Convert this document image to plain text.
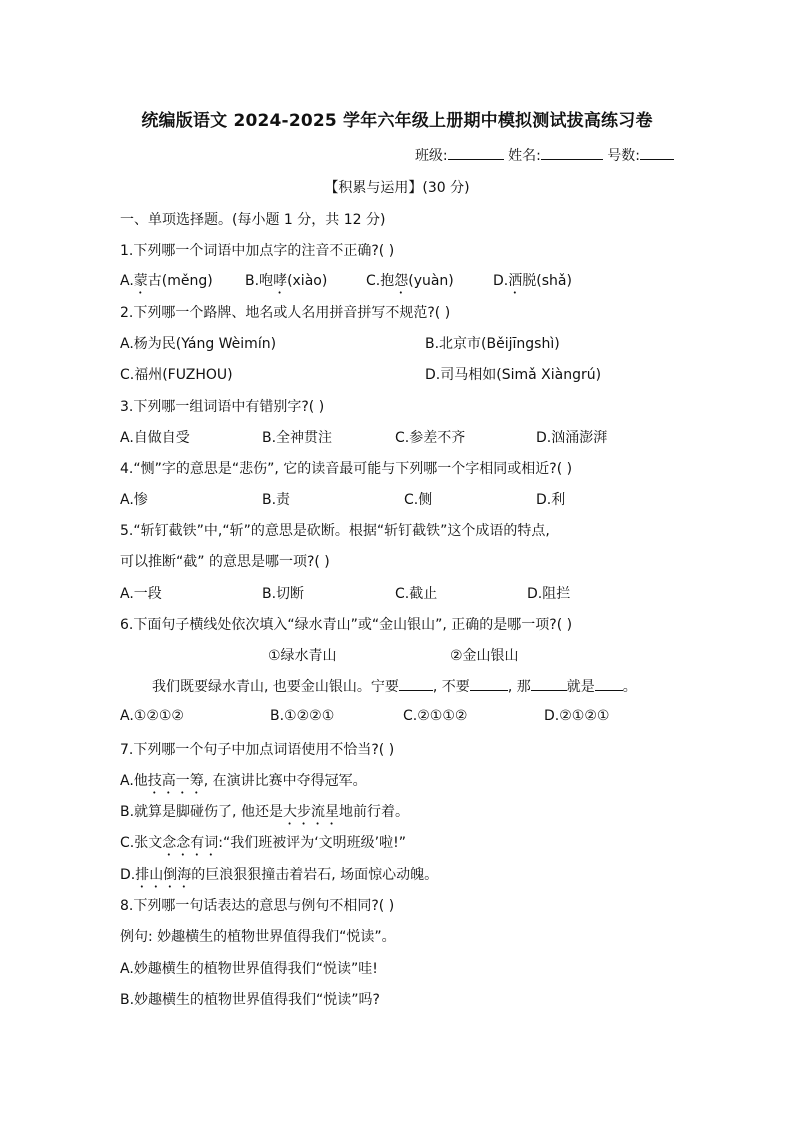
统编版语文 2024-2025 学年六年级上册期中模拟测试拔高练习卷
班级:	姓名:	号数:
【积累与运用】(30 分)
一、单项选择题。(每小题 1 分，共 12 分)
1.下列哪一个词语中加点字的注音不正确?( )
A.蒙古(měng) B.咆哮(xiào)	C.抱怨(yuàn)	D.洒脱(shǎ)
2.下列哪一个路牌、地名或人名用拼音拼写不规范?( )
A.杨为民(Yáng Wèimín)	B.北京市(Běijīngshì)
C.福州(FUZHOU)	D.司马相如(Simǎ Xiàngrú)
3.下列哪一组词语中有错别字?( )
A.自做自受	B.全神贯注	C.参差不齐	D.汹涌澎湃
4.“恻”字的意思是“悲伤”, 它的读音最可能与下列哪一个字相同或相近?( )
A.惨	B.责	C.侧	D.利
5.“斩钉截铁”中,“斩”的意思是砍断。根据“斩钉截铁”这个成语的特点,
可以推断“截” 的意思是哪一项?( )
A.一段	B.切断	C.截止	D.阻拦
6.下面句子横线处依次填入“绿水青山”或“金山银山”, 正确的是哪一项?( )
①绿水青山	②金山银山
我们既要绿水青山, 也要金山银山。宁要 , 不要	, 那	就是 。
A.①②①②	B.①②②①	C.②①①②	D.②①②①
7.下列哪一个句子中加点词语使用不恰当?( )
A.他技高一筹, 在演讲比赛中夺得冠军。
B.就算是脚碰伤了, 他还是大步流星地前行着。
C.张文念念有词:“我们班被评为‘文明班级’啦!”
D.排山倒海的巨浪狠狠撞击着岩石, 场面惊心动魄。
8.下列哪一句话表达的意思与例句不相同?( )
例句: 妙趣横生的植物世界值得我们“悦读”。
A.妙趣横生的植物世界值得我们“悦读”哇!
B.妙趣横生的植物世界值得我们“悦读”吗?
